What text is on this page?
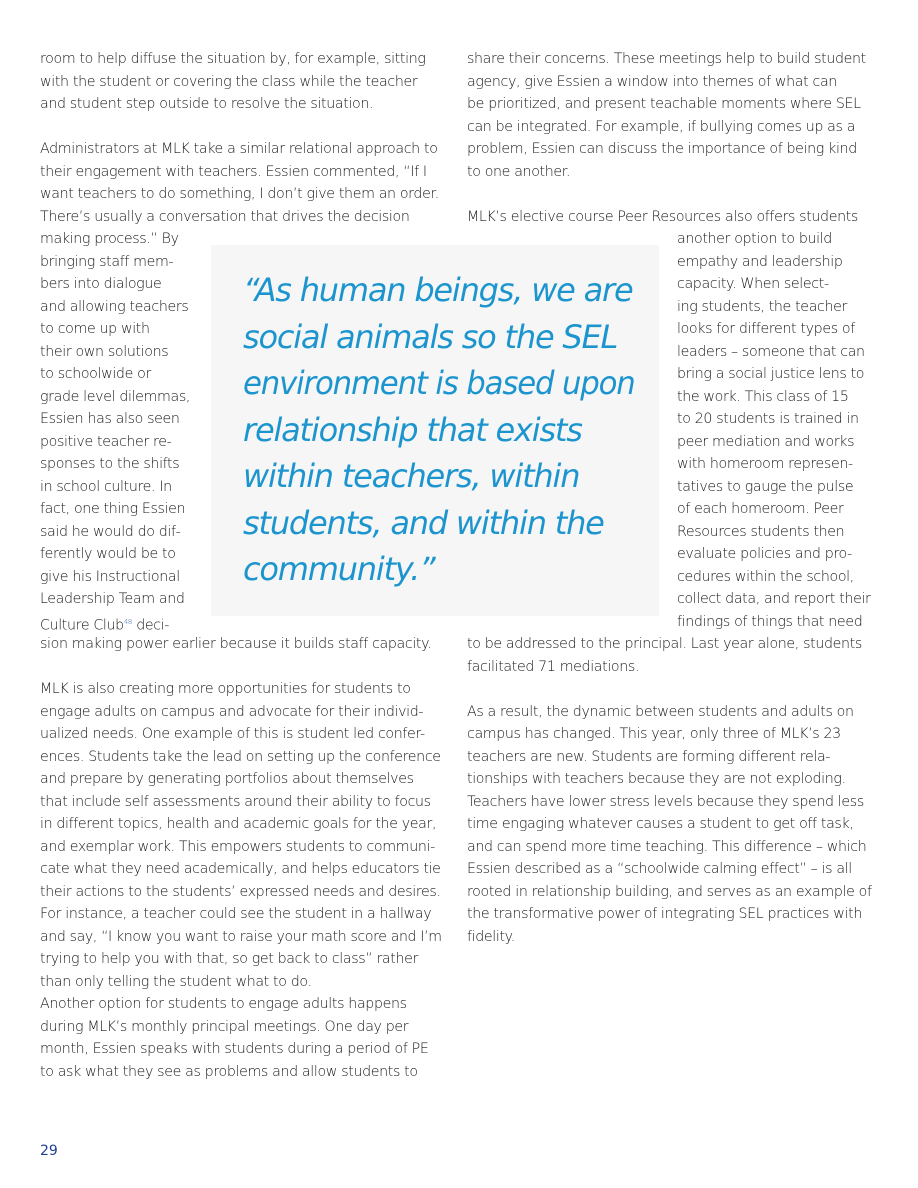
room to help diffuse the situation by, for example, sitting
with the student or covering the class while the teacher
and student step outside to resolve the situation.
Administrators at MLK take a similar relational approach to
their engagement with teachers. Essien commented, “If I
want teachers to do something, I don’t give them an order.
There’s usually a conversation that drives the decision
making process.” By
bringing staff mem-
bers into dialogue
and allowing teachers
to come up with
their own solutions
to schoolwide or
grade level dilemmas,
Essien has also seen
positive teacher re-
sponses to the shifts
in school culture. In
fact, one thing Essien
said he would do dif-
ferently would be to
give his Instructional
Leadership Team and
Culture Club$^{48}$ deci-
sion making power earlier because it builds staff capacity.
MLK is also creating more opportunities for students to
engage adults on campus and advocate for their individ-
ualized needs. One example of this is student led confer-
ences. Students take the lead on setting up the conference
and prepare by generating portfolios about themselves
that include self assessments around their ability to focus
in different topics, health and academic goals for the year,
and exemplar work. This empowers students to communi-
cate what they need academically, and helps educators tie
their actions to the students’ expressed needs and desires.
For instance, a teacher could see the student in a hallway
and say, “I know you want to raise your math score and I’m
trying to help you with that, so get back to class” rather
than only telling the student what to do.
Another option for students to engage adults happens
during MLK’s monthly principal meetings. One day per
month, Essien speaks with students during a period of PE
to ask what they see as problems and allow students to
share their concerns. These meetings help to build student
agency, give Essien a window into themes of what can
be prioritized, and present teachable moments where SEL
can be integrated. For example, if bullying comes up as a
problem, Essien can discuss the importance of being kind
to one another.
MLK’s elective course Peer Resources also offers students
another option to build
empathy and leadership
capacity. When select-
ing students, the teacher
looks for different types of
leaders – someone that can
bring a social justice lens to
the work. This class of 15
to 20 students is trained in
peer mediation and works
with homeroom represen-
tatives to gauge the pulse
of each homeroom. Peer
Resources students then
evaluate policies and pro-
cedures within the school,
collect data, and report their
findings of things that need
to be addressed to the principal. Last year alone, students
facilitated 71 mediations.
As a result, the dynamic between students and adults on
campus has changed. This year, only three of MLK’s 23
teachers are new. Students are forming different rela-
tionships with teachers because they are not exploding.
Teachers have lower stress levels because they spend less
time engaging whatever causes a student to get off task,
and can spend more time teaching. This difference – which
Essien described as a “schoolwide calming effect” – is all
rooted in relationship building, and serves as an example of
the transformative power of integrating SEL practices with
fidelity.
“As human beings, we are
social animals so the SEL
environment is based upon
relationship that exists
within teachers, within
students, and within the
community.”
29
